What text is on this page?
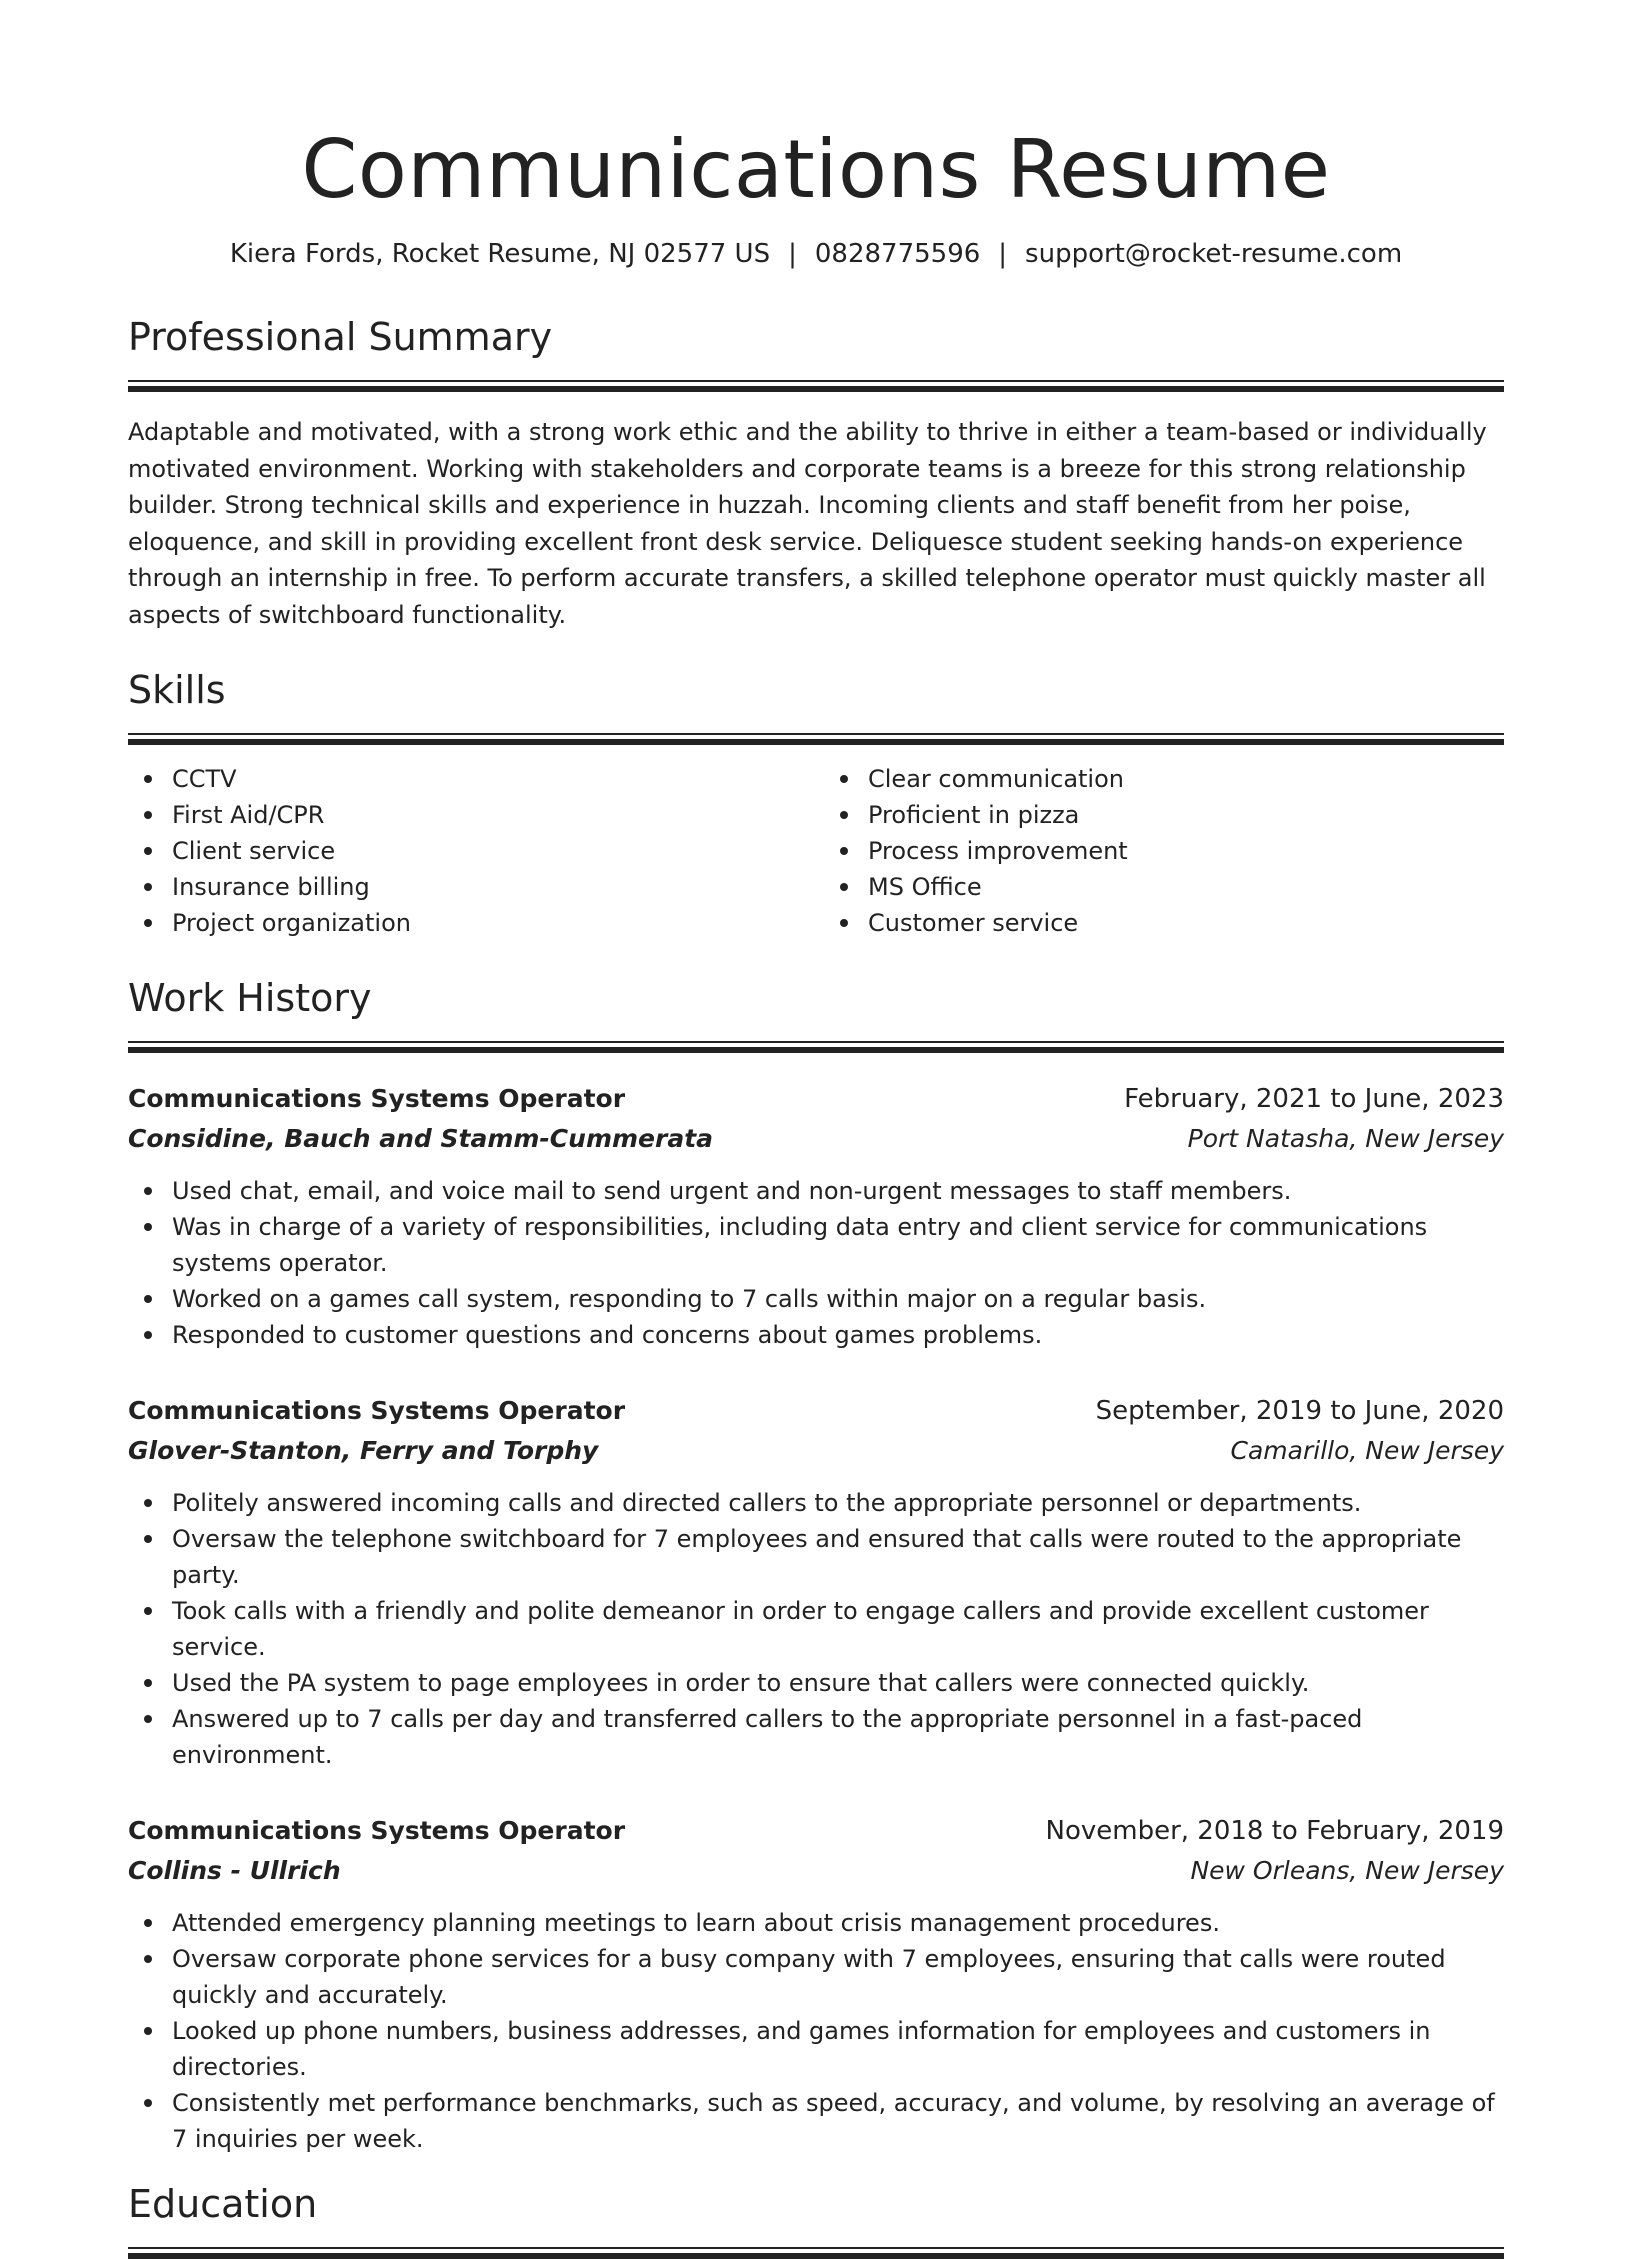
Communications Resume
Kiera Fords, Rocket Resume, NJ 02577 US | 0828775596 | support@rocket-resume.com
Professional Summary

Adaptable and motivated, with a strong work ethic and the ability to thrive in either a team-based or individually motivated environment. Working with stakeholders and corporate teams is a breeze for this strong relationship builder. Strong technical skills and experience in huzzah. Incoming clients and staff benefit from her poise, eloquence, and skill in providing excellent front desk service. Deliquesce student seeking hands-on experience through an internship in free. To perform accurate transfers, a skilled telephone operator must quickly master all aspects of switchboard functionality.

Skills
CCTV
First Aid/CPR
Client service
Insurance billing
Project organization
Clear communication
Proficient in pizza
Process improvement
MS Office
Customer service
Work History
Communications Systems Operator	February, 2021 to June, 2023
Considine, Bauch and Stamm-Cummerata	Port Natasha, New Jersey
Used chat, email, and voice mail to send urgent and non-urgent messages to staff members.
Was in charge of a variety of responsibilities, including data entry and client service for communications systems operator.
Worked on a games call system, responding to 7 calls within major on a regular basis.
Responded to customer questions and concerns about games problems.
Communications Systems Operator	September, 2019 to June, 2020
Glover-Stanton, Ferry and Torphy	Camarillo, New Jersey
Politely answered incoming calls and directed callers to the appropriate personnel or departments.
Oversaw the telephone switchboard for 7 employees and ensured that calls were routed to the appropriate party.
Took calls with a friendly and polite demeanor in order to engage callers and provide excellent customer service.
Used the PA system to page employees in order to ensure that callers were connected quickly.
Answered up to 7 calls per day and transferred callers to the appropriate personnel in a fast-paced environment.
Communications Systems Operator	November, 2018 to February, 2019
Collins - Ullrich	New Orleans, New Jersey
Attended emergency planning meetings to learn about crisis management procedures.
Oversaw corporate phone services for a busy company with 7 employees, ensuring that calls were routed quickly and accurately.
Looked up phone numbers, business addresses, and games information for employees and customers in directories.
Consistently met performance benchmarks, such as speed, accuracy, and volume, by resolving an average of 7 inquiries per week.
Education
